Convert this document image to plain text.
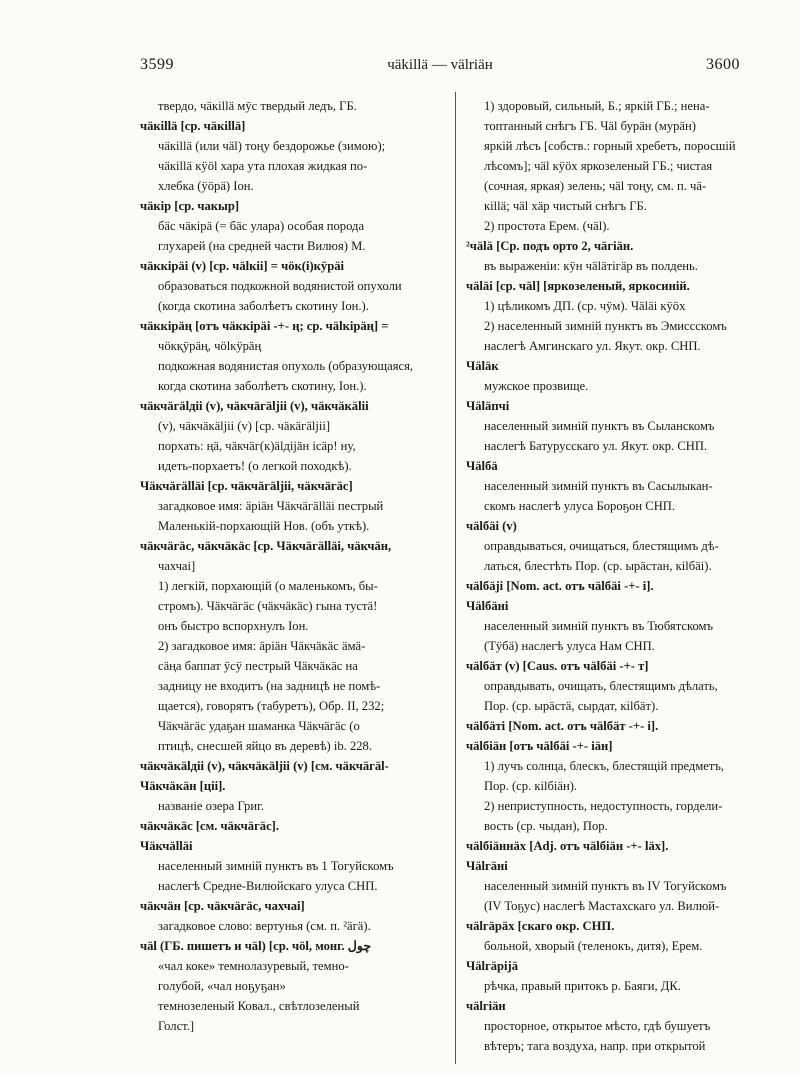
3599	чӓkillä — välrіäн	3600
твердо, чӓкillä мӯс твердый ледъ, ГБ.
чӓкillä [ср. чӓкillä]
чӓкillä (или чӓl) тоңу бездорожье (зимою);
чӓкillä кӱöl хара ута плохая жидкая по-
хлебка (ӱöрӓ) Іон.
чӓкір [ср. чакыр]
бäс чӓкірӓ (= бäс улара) особая порода
глухарей (на средней части Вилюя) М.
чӓккірӓі (v) [ср. чӓlкіі] = чӧк(і)кӱрӓі
образоваться подкожной водянистой опухоли
(когда скотина заболѣетъ скотину Іон.).
чӓккірӓң [отъ чӓккірӓі -+- ң; ср. чӓlкірӓң] =
чӧкқӱрӓң, чӧlкӱрӓң
подкожная водянистая опухоль (образующаяся,
когда скотина заболѣетъ скотину, Іон.).
чӓкчӓгӓlдіі (v), чӓкчӓгӓlјіі (v), чӓкчӓкӓlіі
(v), чӓкчӓкӓlјіі (v) [ср. чӓкӓгӓlјіі]
порхать: ңӓ, чӓкчӓг(к)ӓlдіјӓн ісӓр! ну,
идеть-порхаетъ! (о легкой походкѣ).
Чӓкчӓгӓllӓі [ср. чӓкчӓгӓlјіі, чӓкчӓгӓс]
загадковое имя: ӓріӓн Чӓкчӓгӓllӓі пестрый
Маленькій-порхающій Нов. (объ уткѣ).
чӓкчӓгӓс, чӓкчӓкӓс [ср. Чӓкчӓгӓllӓі, чӓкчӓн,
чахчаі]
1) легкій, порхающій (о маленькомъ, бы-
стромъ). Чӓкчӓгӓс (чӓкчӓкӓс) гына тустӓ!
онъ быстро вспорхнулъ Іон.
2) загадковое имя: ӓріӓн Чӓкчӓкӓс ӓмӓ-
сӓңа баппат ӱсӱ пестрый Чӓкчӓкӓс на
задницу не входитъ (на задницѣ не помѣ-
щается), говорятъ (табуретъ), Обр. II, 232;
Чӓкчӓгӓс удаҕан шаманка Чӓкчӓгӓс (о
птицѣ, снесшей яйцо въ деревѣ) ib. 228.
чӓкчӓкӓlдіі (v), чӓкчӓкӓlјіі (v) [см. чӓкчӓгӓl-
Чӓкчӓкӓн [ціі].
названіе озера Григ.
чӓкчӓкӓс [см. чӓкчӓгӓс].
Чӓкчӓllӓі
населенный зимній пунктъ въ 1 Тогуйскомъ
наслегѣ Средне-Вилюйскаго улуса СНП.
чӓкчӓн [ср. чӓкчӓгӓс, чахчаі]
загадковое слово: вертунья (см. п. ²ӓгӓ).
чӓl (ГБ. пишетъ и чӓl) [ср. чӧl, монг. چول
«чал коке» темнолазуревый, темно-
голубой, «чал ноҕуҕан»
темнозеленый Ковал., свѣтлозеленый
Голст.]
1) здоровый, сильный, Б.; яркій ГБ.; нена-
топтанный снѣгъ ГБ. Чӓl бурӓн (мурӓн)
яркій лѣсъ [собств.: горный хребетъ, поросшій
лѣсомъ]; чӓl кӱöх яркозеленый ГБ.; чистая
(сочная, яркая) зелень; чӓl тоңу, см. п. чӓ-
кillä; чӓl хӓр чистый снѣгъ ГБ.
2) простота Ерем. (чӓl).
²чӓlӓ [Ср. подъ орто 2, чӓгіӓн.
въ выраженіи: кӱн чӓlӓтігӓр въ полдень.
чӓlӓі [ср. чӓl] [яркозеленый, яркосиній.
1) цѣликомъ ДП. (ср. чӱм). Чӓlӓі кӱöх
2) населенный зимній пунктъ въ Эмиссскомъ
наслегѣ Амгинскаго ул. Якут. окр. СНП.
Чӓlӓк
мужское прозвище.
Чӓlӓпчі
населенный зимній пунктъ въ Сыланскомъ
наслегѣ Батурусскаго ул. Якут. окр. СНП.
Чӓlбӓ
населенный зимній пунктъ въ Сасылыкан-
скомъ наслегѣ улуса Бороҕон СНП.
чӓlбӓі (v)
оправдываться, очищаться, блестящимъ дѣ-
латься, блестѣть Пор. (ср. ырӓстан, кіlбӓі).
чӓlбӓјі [Nom. act. отъ чӓlбӓі -+- і].
Чӓlбӓні
населенный зимній пунктъ въ Тюбятскомъ
(Тӱбӓ) наслегѣ улуса Нам СНП.
чӓlбӓт (v) [Caus. отъ чӓlбӓі -+- т]
оправдывать, очищать, блестящимъ дѣлать,
Пор. (ср. ырӓстӓ, сырдат, кіlбӓт).
чӓlбӓті [Nom. act. отъ чӓlбӓт -+- і].
чӓlбіӓн [отъ чӓlбӓі -+- іӓн]
1) лучъ солнца, блескъ, блестящій предметъ,
Пор. (ср. кіlбіӓн).
2) неприступность, недоступность, гордели-
вость (ср. чыдан), Пор.
чӓlбіӓннӓх [Adj. отъ чӓlбіӓн -+- lӓх].
Чӓlгӓні
населенный зимній пунктъ въ IV Тогуйскомъ
(IV Тоҕус) наслегѣ Мастахскаго ул. Вилюй-
чӓlгӓрӓх [скаго окр. СНП.
больной, хворый (теленокъ, дитя), Ерем.
Чӓlгӓріјӓ
рѣчка, правый притокъ р. Баяги, ДК.
чӓlгіӓн
просторное, открытое мѣсто, гдѣ бушуетъ
вѣтеръ; тага воздуха, напр. при открытой
